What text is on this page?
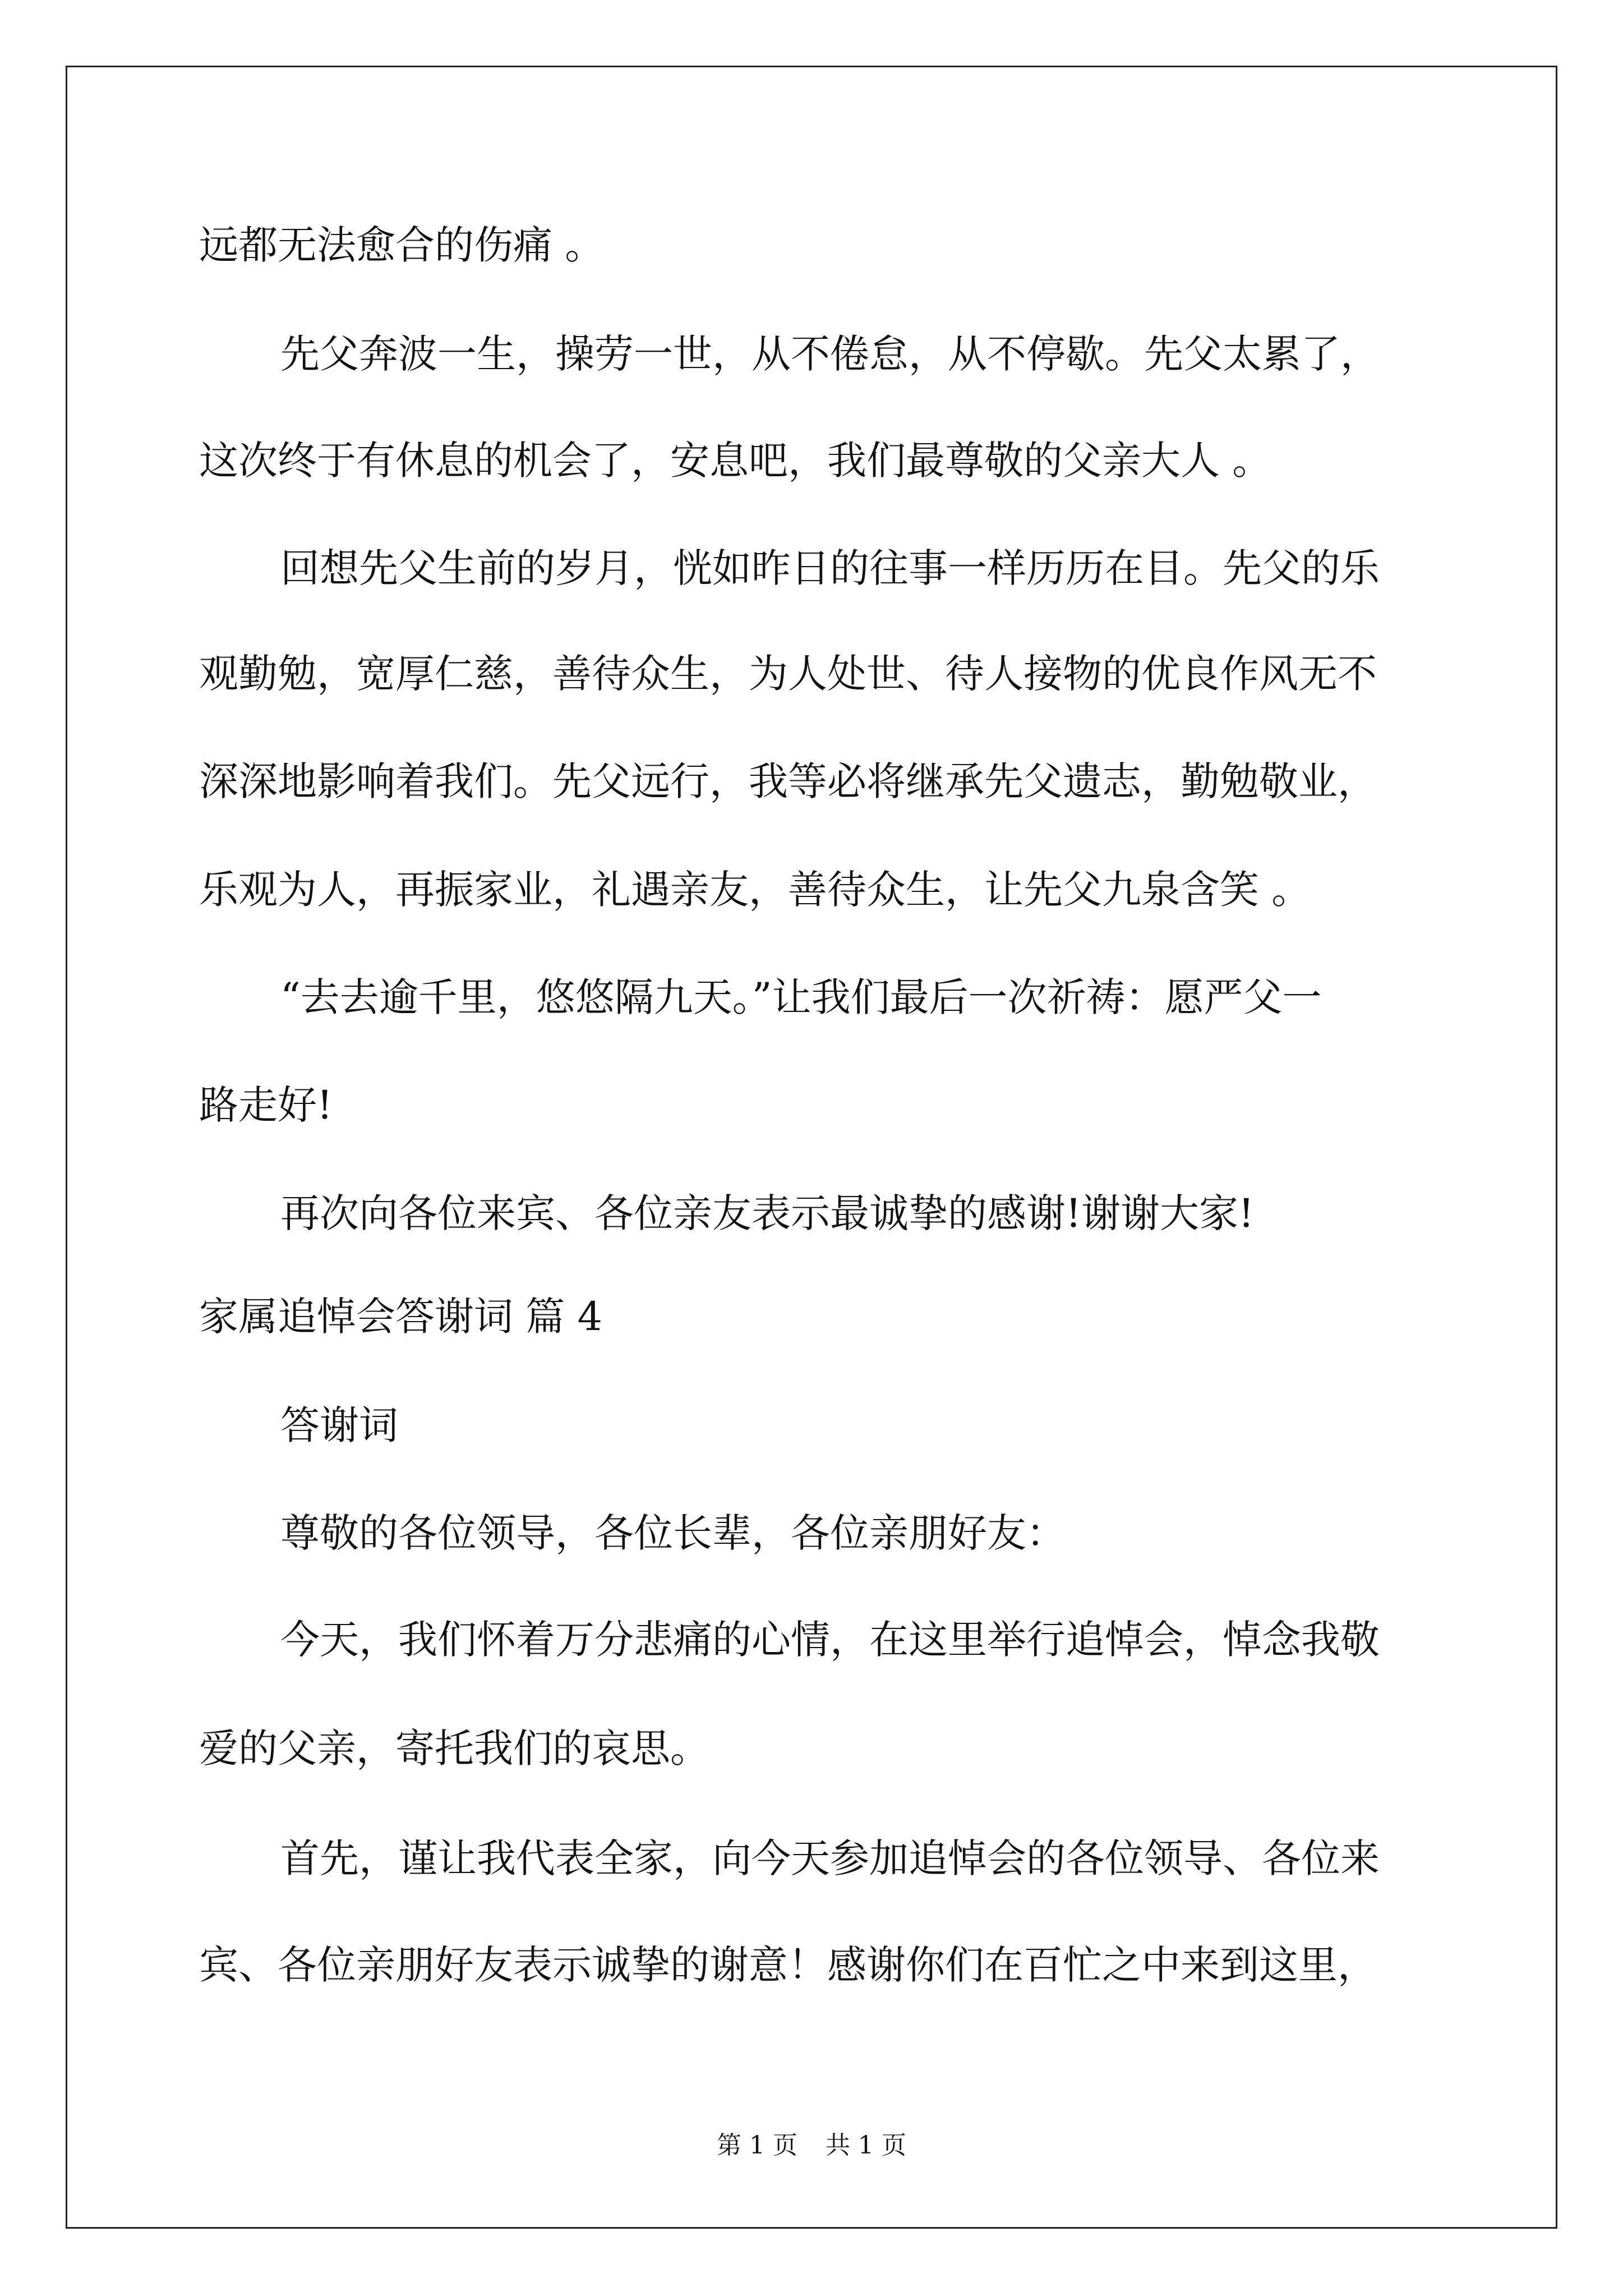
远都无法愈合的伤痛 。

先父奔波一生，操劳一世，从不倦怠，从不停歇。先父太累了，

这次终于有休息的机会了，安息吧，我们最尊敬的父亲大人 。

回想先父生前的岁月，恍如昨日的往事一样历历在目。先父的乐

观勤勉，宽厚仁慈，善待众生，为人处世、待人接物的优良作风无不

深深地影响着我们。先父远行，我等必将继承先父遗志，勤勉敬业，

乐观为人，再振家业，礼遇亲友，善待众生，让先父九泉含笑 。

“去去逾千里，悠悠隔九天。”让我们最后一次祈祷：愿严父一

路走好!

再次向各位来宾、各位亲友表示最诚挚的感谢!谢谢大家!

家属追悼会答谢词 篇 4

答谢词

尊敬的各位领导，各位长辈，各位亲朋好友：

今天，我们怀着万分悲痛的心情，在这里举行追悼会，悼念我敬

爱的父亲，寄托我们的哀思。

首先，谨让我代表全家，向今天参加追悼会的各位领导、各位来

宾、各位亲朋好友表示诚挚的谢意！感谢你们在百忙之中来到这里，

第 1 页 共 1 页
